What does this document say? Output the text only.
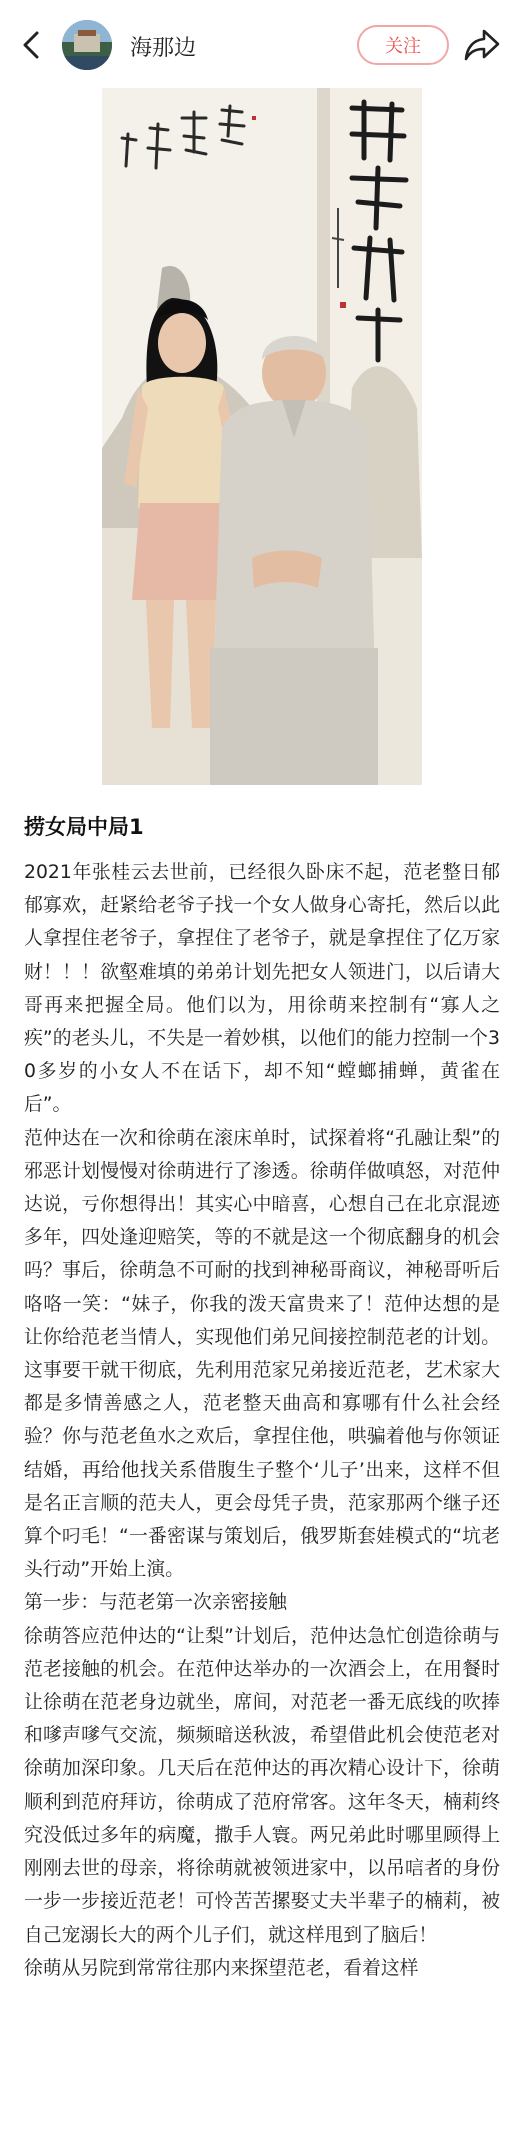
海那边	关注
捞女局中局1

2021年张桂云去世前，已经很久卧床不起，范老整日郁郁寡欢，赶紧给老爷子找一个女人做身心寄托，然后以此人拿捏住老爷子，拿捏住了老爷子，就是拿捏住了亿万家财！！！欲壑难填的弟弟计划先把女人领进门，以后请大哥再来把握全局。他们以为，用徐萌来控制有“寡人之疾”的老头儿，不失是一着妙棋，以他们的能力控制一个30多岁的小女人不在话下，却不知“螳螂捕蝉，黄雀在后”。

范仲达在一次和徐萌在滚床单时，试探着将“孔融让梨”的邪恶计划慢慢对徐萌进行了渗透。徐萌佯做嗔怒，对范仲达说，亏你想得出！其实心中暗喜，心想自己在北京混迹多年，四处逢迎赔笑，等的不就是这一个彻底翻身的机会吗？事后，徐萌急不可耐的找到神秘哥商议，神秘哥听后咯咯一笑：“妹子，你我的泼天富贵来了！范仲达想的是让你给范老当情人，实现他们弟兄间接控制范老的计划。这事要干就干彻底，先利用范家兄弟接近范老，艺术家大都是多情善感之人，范老整天曲高和寡哪有什么社会经验？你与范老鱼水之欢后，拿捏住他，哄骗着他与你领证结婚，再给他找关系借腹生子整个‘儿子’出来，这样不但是名正言顺的范夫人，更会母凭子贵，范家那两个继子还算个叼毛！“一番密谋与策划后，俄罗斯套娃模式的“坑老头行动”开始上演。

第一步：与范老第一次亲密接触

徐萌答应范仲达的“让梨”计划后，范仲达急忙创造徐萌与范老接触的机会。在范仲达举办的一次酒会上，在用餐时让徐萌在范老身边就坐，席间，对范老一番无底线的吹捧和嗲声嗲气交流，频频暗送秋波，希望借此机会使范老对徐萌加深印象。几天后在范仲达的再次精心设计下，徐萌顺利到范府拜访，徐萌成了范府常客。这年冬天，楠莉终究没低过多年的病魔，撒手人寰。两兄弟此时哪里顾得上刚刚去世的母亲，将徐萌就被领进家中，以吊唁者的身份一步一步接近范老！可怜苦苦摞娶丈夫半辈子的楠莉，被自己宠溺长大的两个儿子们，就这样甩到了脑后！

徐萌从另院到常常往那内来探望范老，看着这样
